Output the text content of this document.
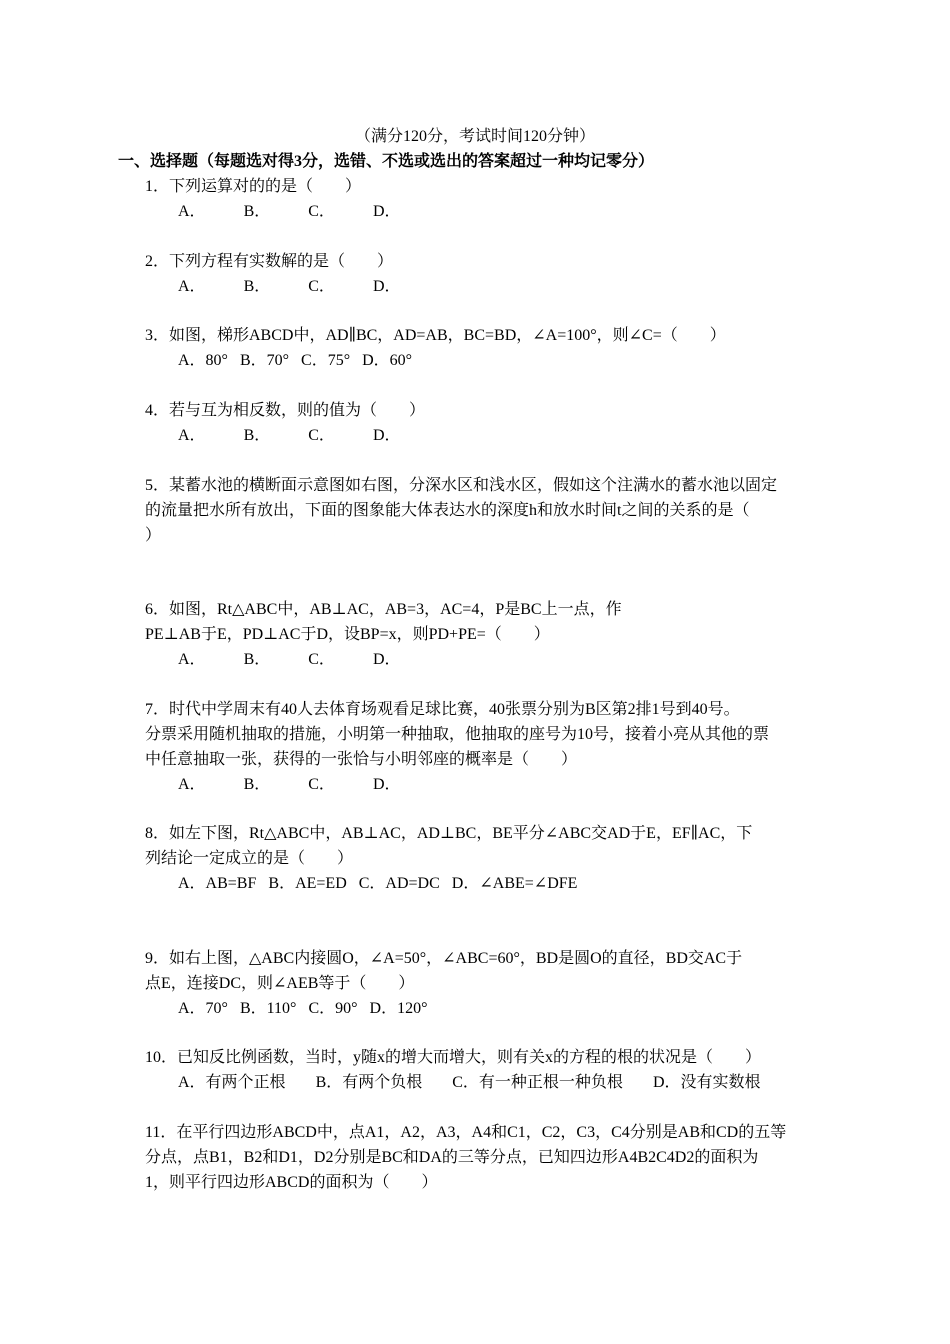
（满分120分，考试时间120分钟）
一、选择题（每题选对得3分，选错、不选或选出的答案超过一种均记零分）
1．下列运算对的的是（　　）
A． B． C． D．
2．下列方程有实数解的是（　　）
A． B． C． D．
3．如图，梯形ABCD中，AD∥BC，AD=AB，BC=BD，∠A=100°，则∠C=（　　）
A．80° B．70° C．75° D．60°
4．若与互为相反数，则的值为（　　）
A． B． C． D．
5．某蓄水池的横断面示意图如右图，分深水区和浅水区，假如这个注满水的蓄水池以固定
的流量把水所有放出，下面的图象能大体表达水的深度h和放水时间t之间的关系的是（
）
6．如图，Rt△ABC中，AB⊥AC，AB=3，AC=4，P是BC上一点，作
PE⊥AB于E，PD⊥AC于D，设BP=x，则PD+PE=（　　）
A． B． C． D．
7．时代中学周末有40人去体育场观看足球比赛，40张票分别为B区第2排1号到40号。
分票采用随机抽取的措施，小明第一种抽取，他抽取的座号为10号，接着小亮从其他的票
中任意抽取一张，获得的一张恰与小明邻座的概率是（　　）
A． B． C． D．
8．如左下图，Rt△ABC中，AB⊥AC，AD⊥BC，BE平分∠ABC交AD于E，EF∥AC，下
列结论一定成立的是（　　）
A．AB=BF B．AE=ED C．AD=DC D．∠ABE=∠DFE
9．如右上图，△ABC内接圆O，∠A=50°，∠ABC=60°，BD是圆O的直径，BD交AC于
点E，连接DC，则∠AEB等于（　　）
A．70° B．110° C．90° D．120°
10．已知反比例函数，当时，y随x的增大而增大，则有关x的方程的根的状况是（　　）
A．有两个正根 B．有两个负根 C．有一种正根一种负根 D．没有实数根
11．在平行四边形ABCD中，点A1，A2，A3，A4和C1，C2，C3，C4分别是AB和CD的五等
分点，点B1，B2和D1，D2分别是BC和DA的三等分点，已知四边形A4B2C4D2的面积为
1，则平行四边形ABCD的面积为（　　）
